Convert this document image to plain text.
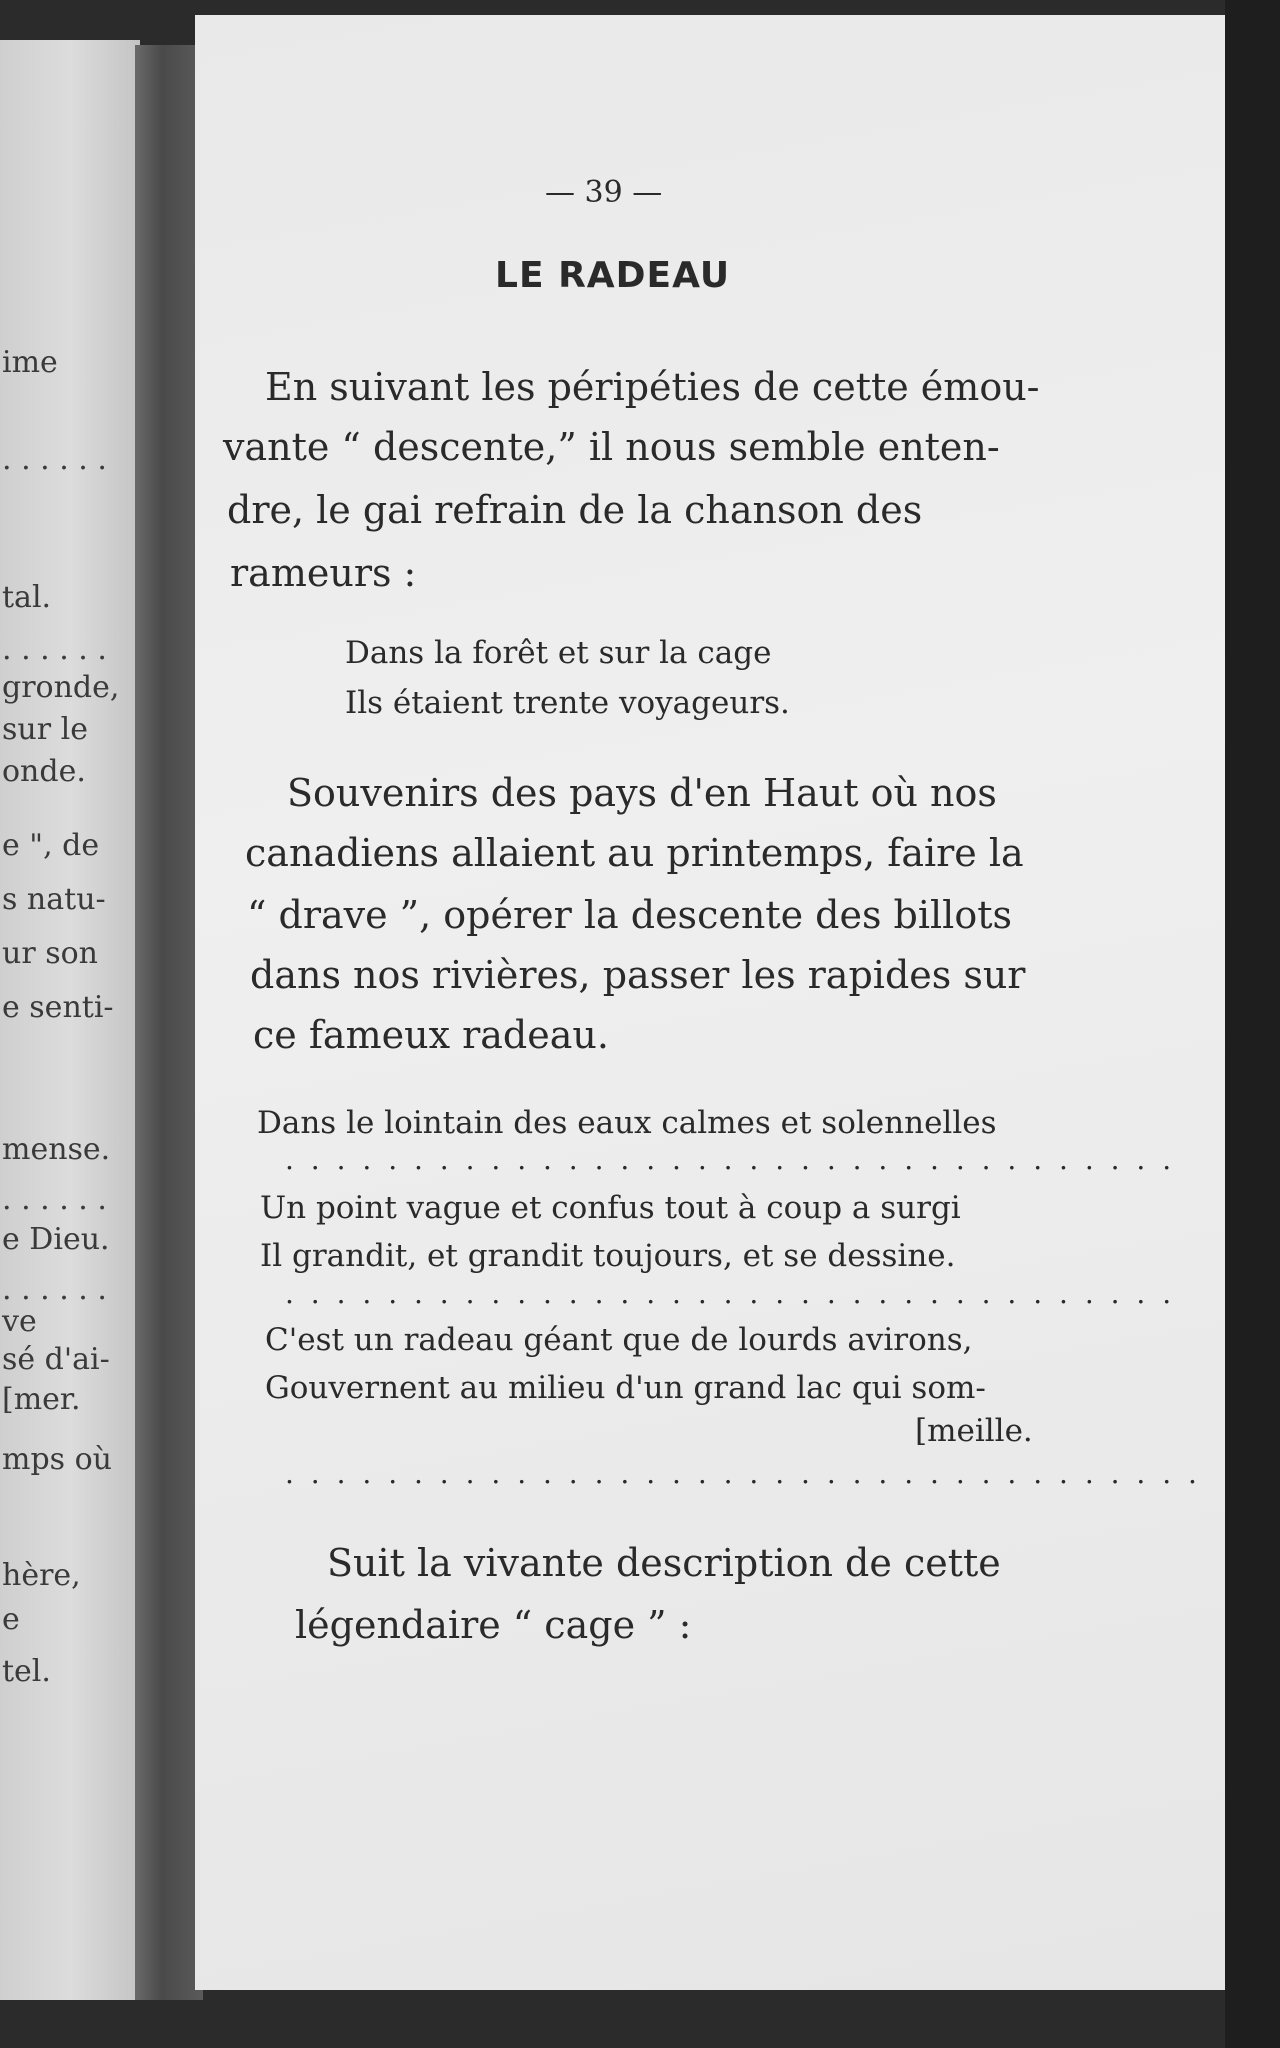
ime
. . . . . .
tal.
. . . . . .
gronde,
sur le
onde.
e ", de
s natu-
ur son
e senti-
mense.
. . . . . .
e Dieu.
. . . . . .
ve
sé d'ai-
[mer.
mps où
hère,
e
tel.
— 39 —
LE RADEAU
En suivant les péripéties de cette émou-
vante “ descente,” il nous semble enten-
dre, le gai refrain de la chanson des
rameurs :
Dans la forêt et sur la cage
Ils étaient trente voyageurs.
Souvenirs des pays d'en Haut où nos
canadiens allaient au printemps, faire la
“ drave ”, opérer la descente des billots
dans nos rivières, passer les rapides sur
ce fameux radeau.
Dans le lointain des eaux calmes et solennelles
. . . . . . . . . . . . . . . . . . . . . . . . . . . . . . . . . . .
Un point vague et confus tout à coup a surgi
Il grandit, et grandit toujours, et se dessine.
. . . . . . . . . . . . . . . . . . . . . . . . . . . . . . . . . . .
C'est un radeau géant que de lourds avirons,
Gouvernent au milieu d'un grand lac qui som-
[meille.
. . . . . . . . . . . . . . . . . . . . . . . . . . . . . . . . . . . .
Suit la vivante description de cette
légendaire “ cage ” :
